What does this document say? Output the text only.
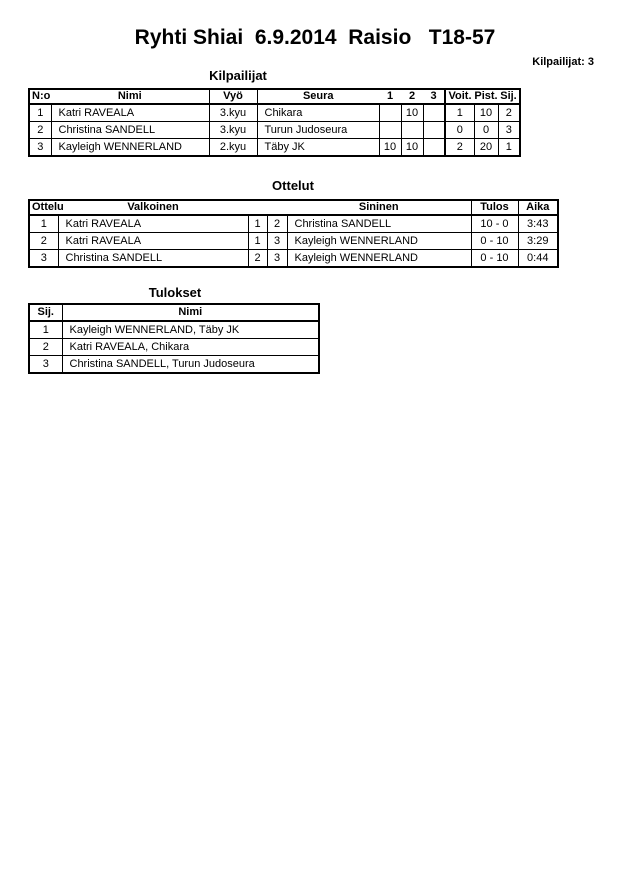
Ryhti Shiai  6.9.2014  Raisio   T18-57
Kilpailijat: 3
Kilpailijat
N:o	Nimi	Vyö	Seura	1	2	3	Voit.	Pist.	Sij.
1	Katri RAVEALA	3.kyu	Chikara		10		1	10	2
2	Christina SANDELL	3.kyu	Turun Judoseura				0	0	3
3	Kayleigh WENNERLAND	2.kyu	Täby JK	10	10		2	20	1
Ottelut
Ottelu	Valkoinen			Sininen	Tulos	Aika
1	Katri RAVEALA	1	2	Christina SANDELL	10 - 0	3:43
2	Katri RAVEALA	1	3	Kayleigh WENNERLAND	0 - 10	3:29
3	Christina SANDELL	2	3	Kayleigh WENNERLAND	0 - 10	0:44
Tulokset
Sij.	Nimi
1	Kayleigh WENNERLAND, Täby JK
2	Katri RAVEALA, Chikara
3	Christina SANDELL, Turun Judoseura
